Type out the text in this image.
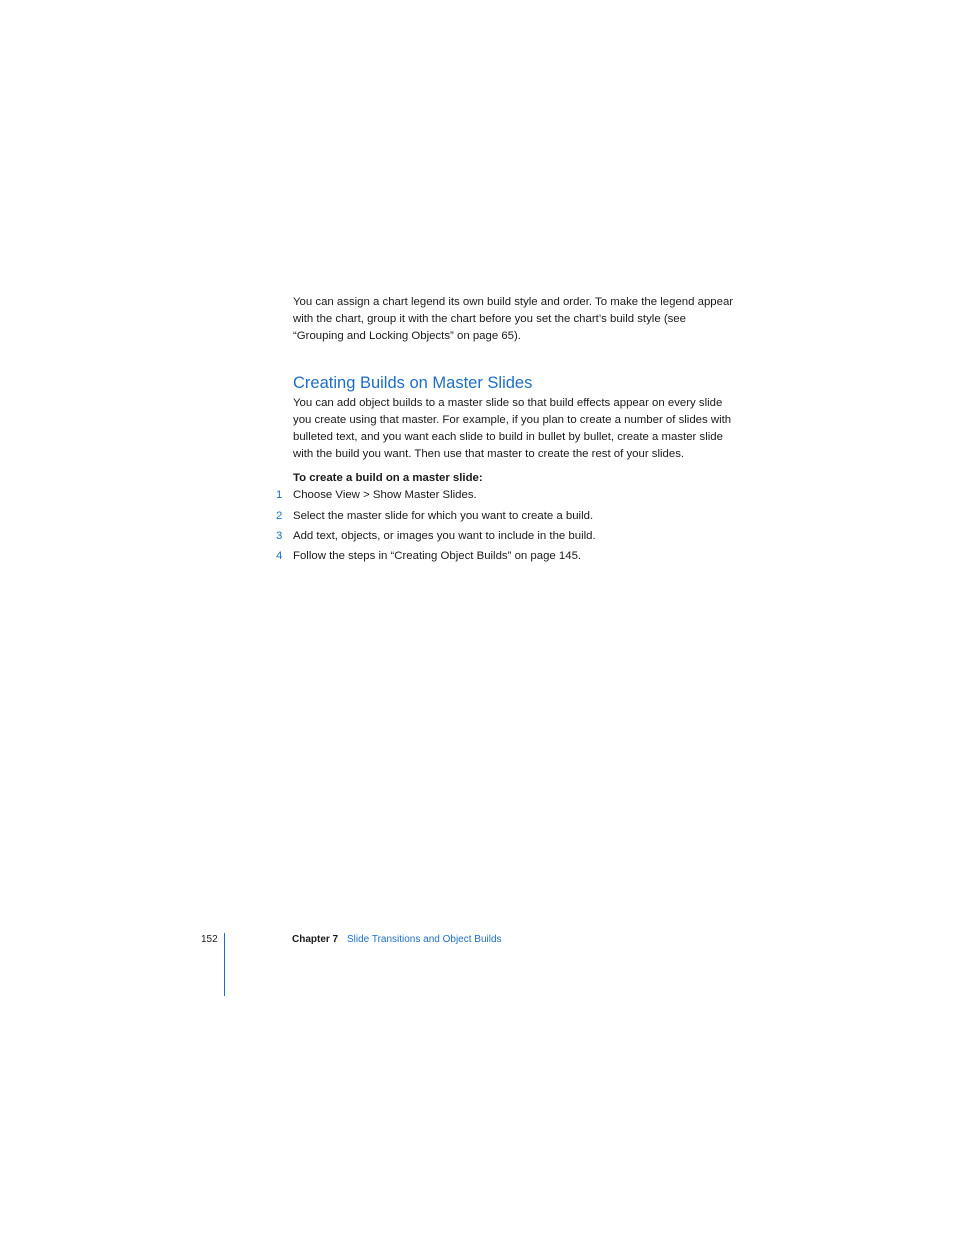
You can assign a chart legend its own build style and order. To make the legend appear with the chart, group it with the chart before you set the chart’s build style (see “Grouping and Locking Objects” on page 65).

Creating Builds on Master Slides

You can add object builds to a master slide so that build effects appear on every slide you create using that master. For example, if you plan to create a number of slides with bulleted text, and you want each slide to build in bullet by bullet, create a master slide with the build you want. Then use that master to create the rest of your slides.

To create a build on a master slide:

1 Choose View > Show Master Slides.
2 Select the master slide for which you want to create a build.
3 Add text, objects, or images you want to include in the build.
4 Follow the steps in “Creating Object Builds” on page 145.
152	Chapter 7 Slide Transitions and Object Builds
